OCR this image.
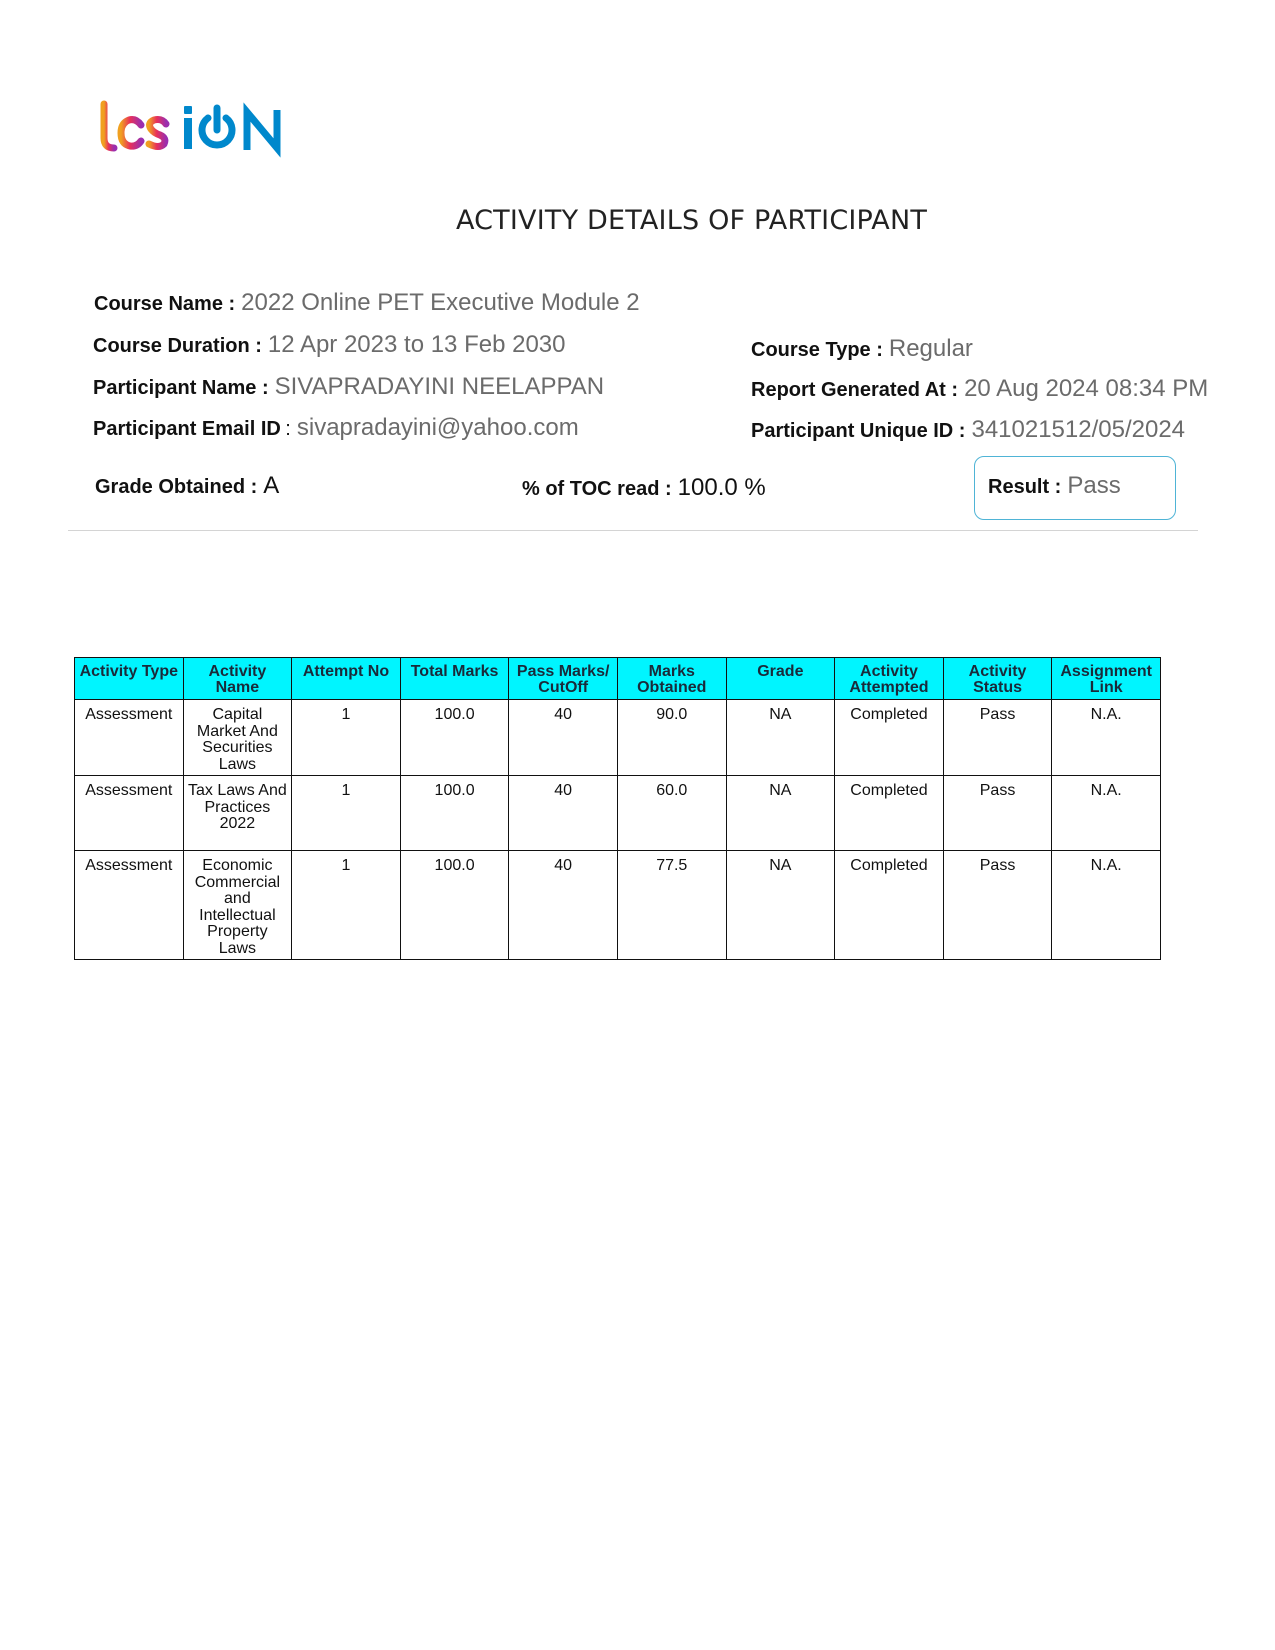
ACTIVITY DETAILS OF PARTICIPANT
Course Name : 2022 Online PET Executive Module 2
Course Duration : 12 Apr 2023 to 13 Feb 2030	Course Type : Regular
Participant Name : SIVAPRADAYINI NEELAPPAN	Report Generated At : 20 Aug 2024 08:34 PM
Participant Email ID : sivapradayini@yahoo.com	Participant Unique ID : 341021512/05/2024
Grade Obtained : A	% of TOC read : 100.0 %	Result : Pass
Activity Type	Activity Name	Attempt No	Total Marks	Pass Marks/ CutOff	Marks Obtained	Grade	Activity Attempted	Activity Status	Assignment Link
Assessment	Capital Market And Securities Laws	1	100.0	40	90.0	NA	Completed	Pass	N.A.
Assessment	Tax Laws And Practices 2022	1	100.0	40	60.0	NA	Completed	Pass	N.A.
Assessment	Economic Commercial and Intellectual Property Laws	1	100.0	40	77.5	NA	Completed	Pass	N.A.
